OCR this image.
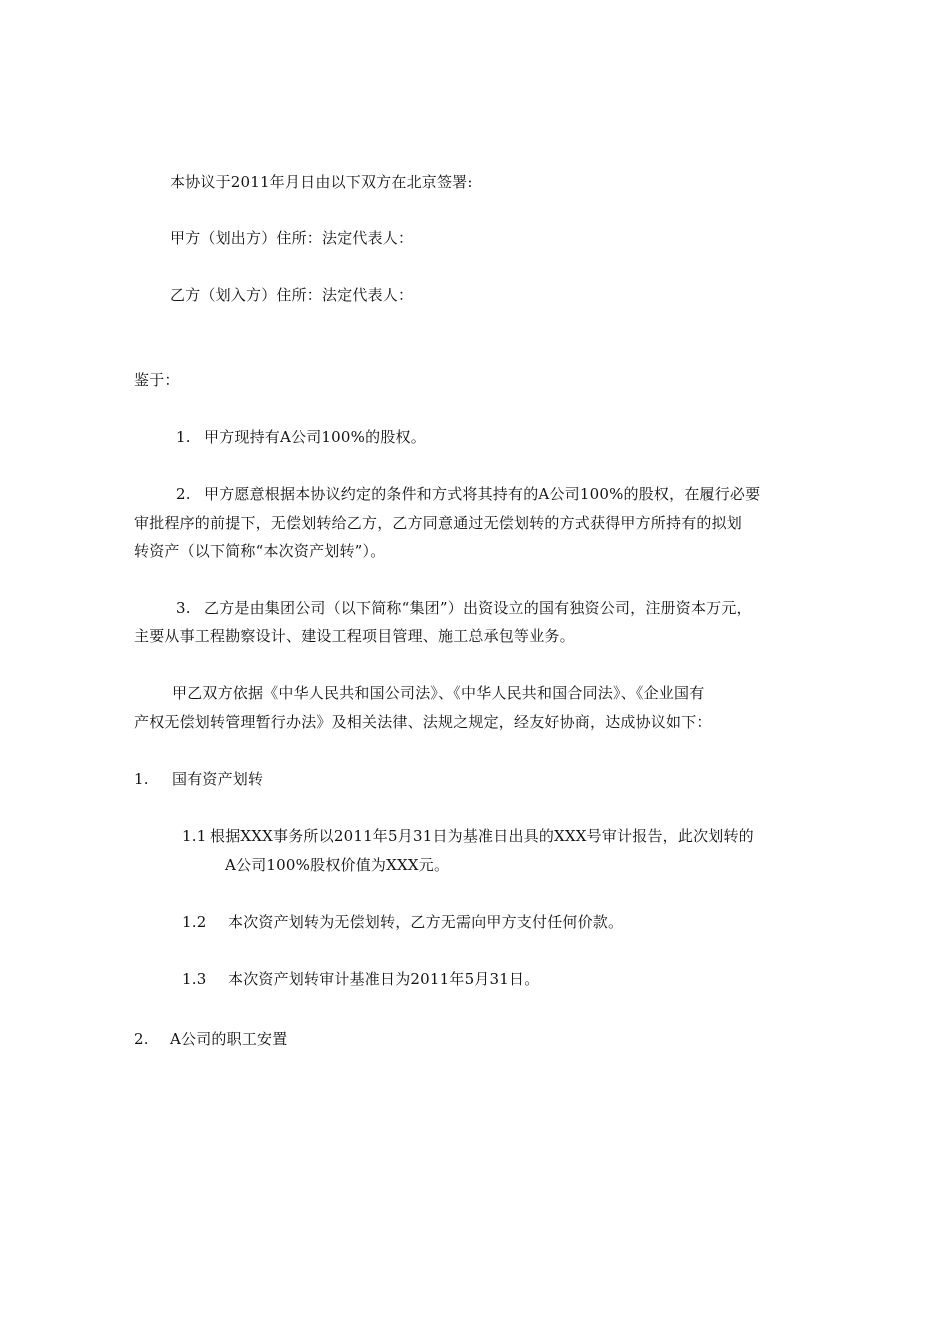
本协议于2011年月日由以下双方在北京签署:
甲方（划出方）住所：法定代表人：
乙方（划入方）住所：法定代表人：
鉴于：
1. 甲方现持有A公司100%的股权。
2. 甲方愿意根据本协议约定的条件和方式将其持有的A公司100%的股权，在履行必要
审批程序的前提下，无偿划转给乙方，乙方同意通过无偿划转的方式获得甲方所持有的拟划
转资产（以下简称“本次资产划转”）。
3. 乙方是由集团公司（以下简称“集团”）出资设立的国有独资公司，注册资本万元，
主要从事工程勘察设计、建设工程项目管理、施工总承包等业务。
甲乙双方依据《中华人民共和国公司法》、《中华人民共和国合同法》、《企业国有
产权无偿划转管理暂行办法》及相关法律、法规之规定，经友好协商，达成协议如下：
1. 国有资产划转
1.1 根据XXX事务所以2011年5月31日为基准日出具的XXX号审计报告，此次划转的
A公司100%股权价值为XXX元。
1.2 本次资产划转为无偿划转，乙方无需向甲方支付任何价款。
1.3 本次资产划转审计基准日为2011年5月31日。
2. A公司的职工安置
